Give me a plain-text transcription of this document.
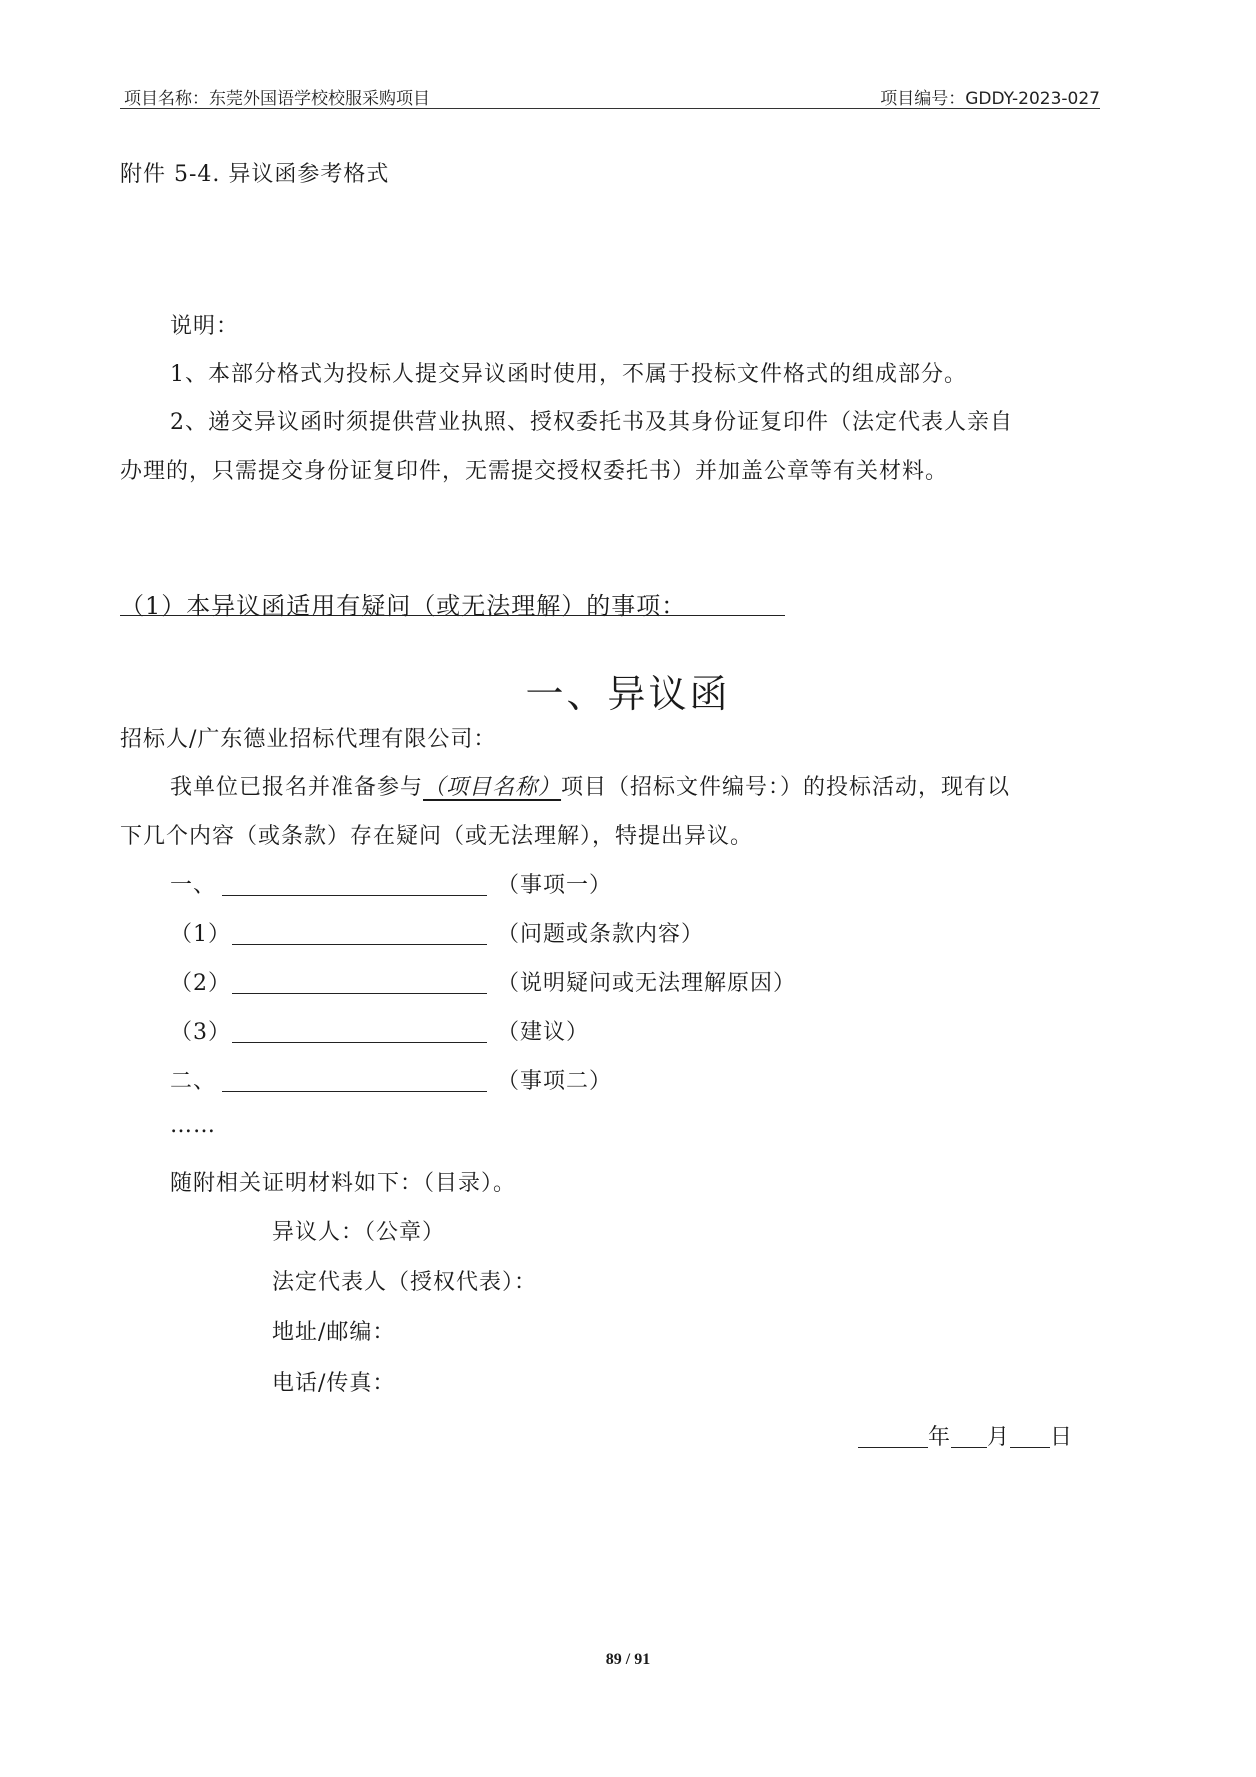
项目名称：东莞外国语学校校服采购项目	项目编号：GDDY-2023-027
附件 5-4. 异议函参考格式
说明：
1、本部分格式为投标人提交异议函时使用，不属于投标文件格式的组成部分。
2、递交异议函时须提供营业执照、授权委托书及其身份证复印件（法定代表人亲自
办理的，只需提交身份证复印件，无需提交授权委托书）并加盖公章等有关材料。
（1）本异议函适用有疑问（或无法理解）的事项：
一、异议函
招标人/广东德业招标代理有限公司：
我单位已报名并准备参与（项目名称）项目（招标文件编号：）的投标活动，现有以
下几个内容（或条款）存在疑问（或无法理解），特提出异议。
一、	（事项一）
（1）	（问题或条款内容）
（2）	（说明疑问或无法理解原因）
（3）	（建议）
二、	（事项二）
……
随附相关证明材料如下：（目录）。
异议人：（公章）
法定代表人（授权代表）：
地址/邮编：
电话/传真：
年 月 日
89 / 91
